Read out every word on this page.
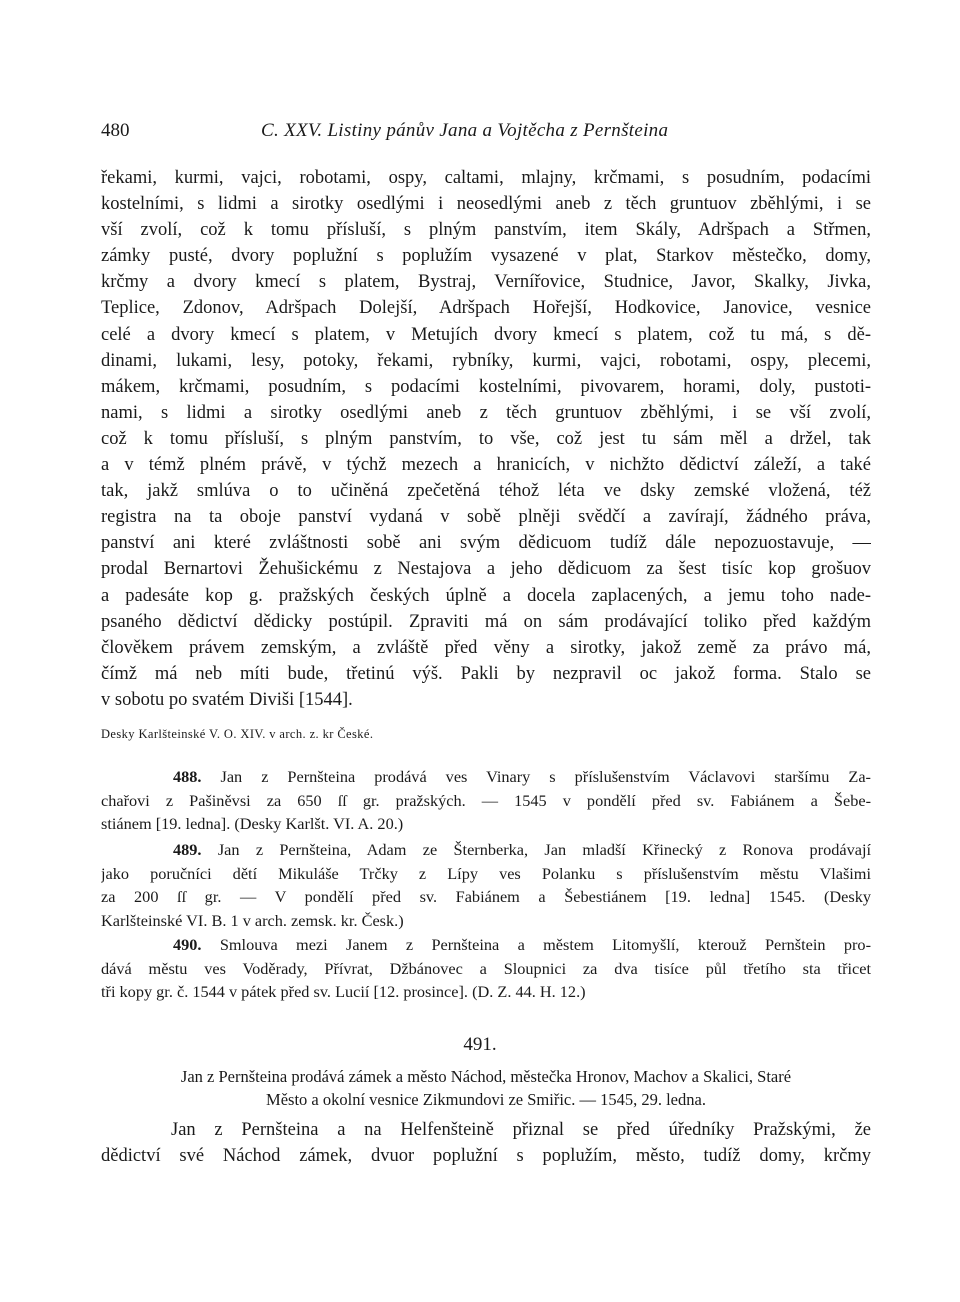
480	C. XXV. Listiny pánův Jana a Vojtěcha z Pernšteina
řekami, kurmi, vajci, robotami, ospy, caltami, mlajny, krčmami, s posudním, podacími
kostelními, s lidmi a sirotky osedlými i neosedlými aneb z těch gruntuov zběhlými, i se
vší zvolí, což k tomu přísluší, s plným panstvím, item Skály, Adršpach a Střmen,
zámky pusté, dvory poplužní s poplužím vysazené v plat, Starkov městečko, domy,
krčmy a dvory kmecí s platem, Bystraj, Vernířovice, Studnice, Javor, Skalky, Jivka,
Teplice, Zdonov, Adršpach Dolejší, Adršpach Hořejší, Hodkovice, Janovice, vesnice
celé a dvory kmecí s platem, v Metujích dvory kmecí s platem, což tu má, s dě-
dinami, lukami, lesy, potoky, řekami, rybníky, kurmi, vajci, robotami, ospy, plecemi,
mákem, krčmami, posudním, s podacími kostelními, pivovarem, horami, doly, pustoti-
nami, s lidmi a sirotky osedlými aneb z těch gruntuov zběhlými, i se vší zvolí,
což k tomu přísluší, s plným panstvím, to vše, což jest tu sám měl a držel, tak
a v témž plném právě, v týchž mezech a hranicích, v nichžto dědictví záleží, a také
tak, jakž smlúva o to učiněná zpečetěná téhož léta ve dsky zemské vložená, též
registra na ta oboje panství vydaná v sobě plněji svědčí a zavírají, žádného práva,
panství ani které zvláštnosti sobě ani svým dědicuom tudíž dále nepozuostavuje, —
prodal Bernartovi Žehušickému z Nestajova a jeho dědicuom za šest tisíc kop grošuov
a padesáte kop g. pražských českých úplně a docela zaplacených, a jemu toho nade-
psaného dědictví dědicky postúpil. Zpraviti má on sám prodávající toliko před každým
člověkem právem zemským, a zvláště před věny a sirotky, jakož země za právo má,
čímž má neb míti bude, třetinú výš. Pakli by nezpravil oc jakož forma. Stalo se
v sobotu po svatém Diviši [1544].
Desky Karlšteinské V. O. XIV. v arch. z. kr České.
488. Jan z Pernšteina prodává ves Vinary s příslušenstvím Václavovi staršímu Za-
chařovi z Pašiněvsi za 650 ſſ gr. pražských. — 1545 v pondělí před sv. Fabiánem a Šebe-
stiánem [19. ledna]. (Desky Karlšt. VI. A. 20.)
489. Jan z Pernšteina, Adam ze Šternberka, Jan mladší Křinecký z Ronova prodávají
jako poručníci dětí Mikuláše Trčky z Lípy ves Polanku s příslušenstvím městu Vlašimi
za 200 ſſ gr. — V pondělí před sv. Fabiánem a Šebestiánem [19. ledna] 1545. (Desky
Karlšteinské VI. B. 1 v arch. zemsk. kr. Česk.)
490. Smlouva mezi Janem z Pernšteina a městem Litomyšlí, kterouž Pernštein pro-
dává městu ves Voděrady, Přívrat, Džbánovec a Sloupnici za dva tisíce půl třetího sta třicet
tři kopy gr. č. 1544 v pátek před sv. Lucií [12. prosince]. (D. Z. 44. H. 12.)
491.
Jan z Pernšteina prodává zámek a město Náchod, městečka Hronov, Machov a Skalici, Staré
Město a okolní vesnice Zikmundovi ze Smiřic. — 1545, 29. ledna.
Jan z Pernšteina a na Helfenšteině přiznal se před úředníky Pražskými, že
dědictví své Náchod zámek, dvuor poplužní s poplužím, město, tudíž domy, krčmy
